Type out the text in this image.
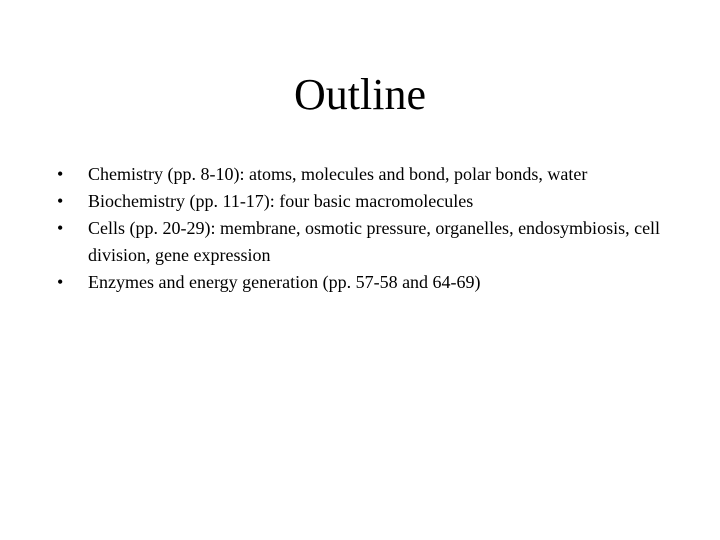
Outline
•	Chemistry (pp. 8-10): atoms, molecules and bond, polar bonds, water
•	Biochemistry (pp. 11-17): four basic macromolecules
•	Cells (pp. 20-29): membrane, osmotic pressure, organelles, endosymbiosis, cell division, gene expression
•	Enzymes and energy generation (pp. 57-58 and 64-69)
